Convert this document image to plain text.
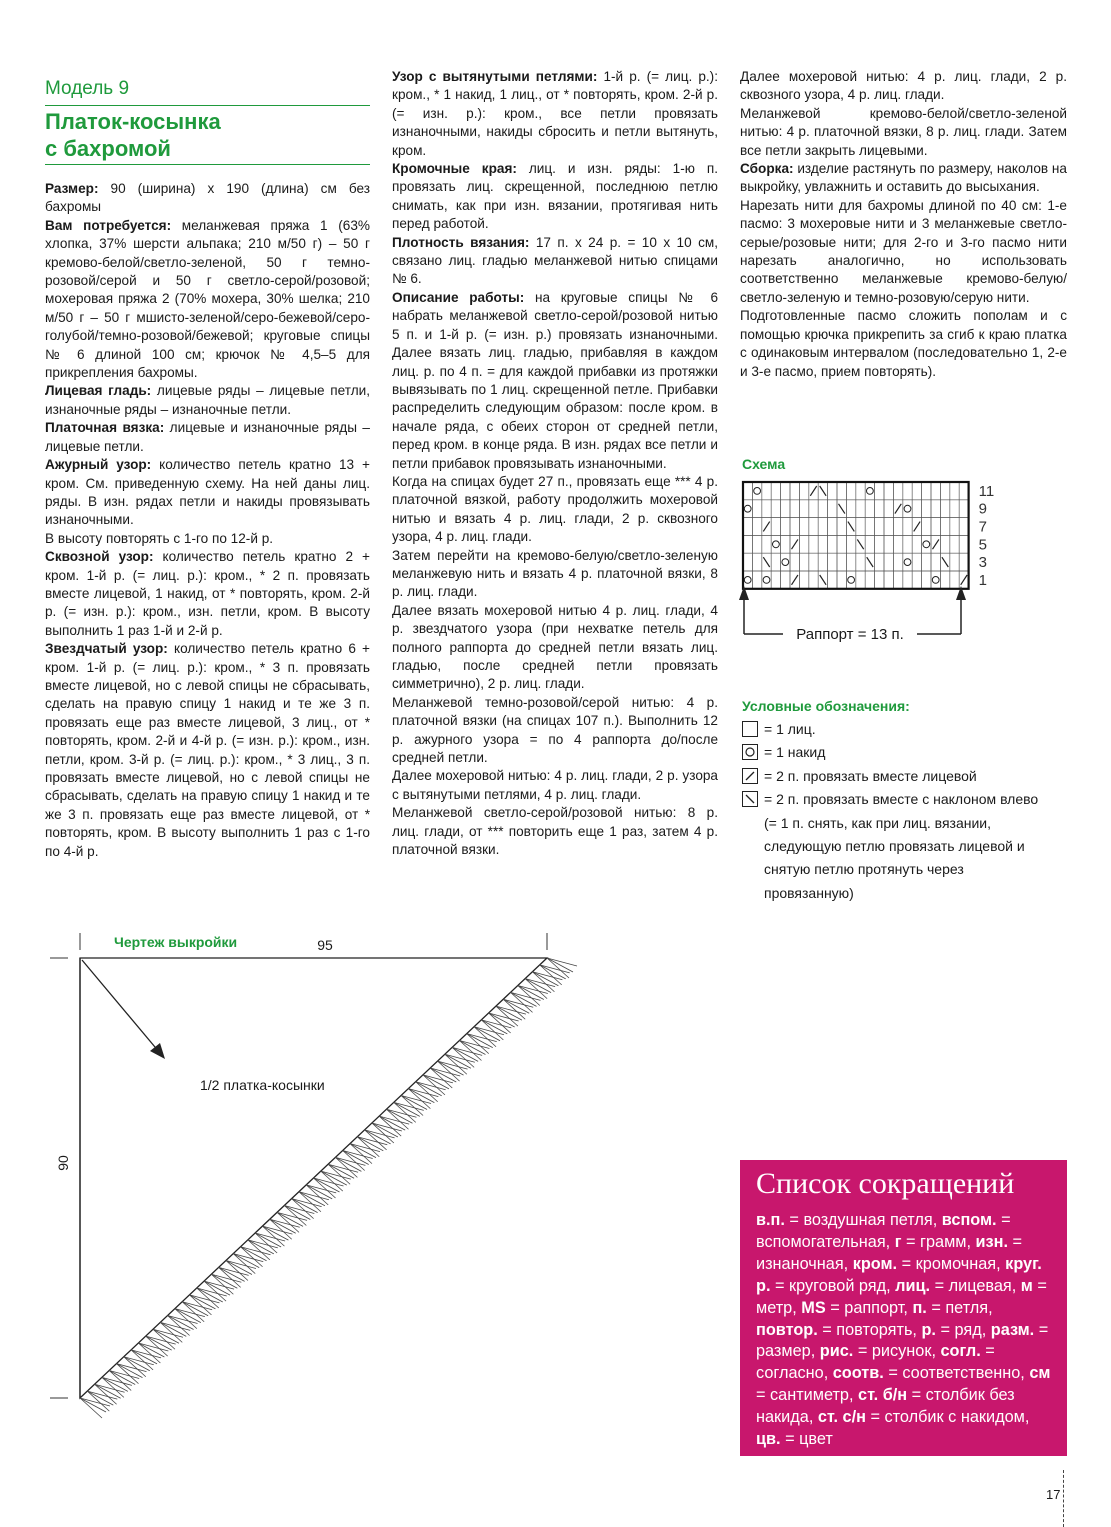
Модель 9
Платок-косынка
с бахромой

Размер: 90 (ширина) х 190 (длина) см без бахромы

Вам потребуется: меланжевая пряжа 1 (63% хлопка, 37% шерсти альпака; 210 м/50 г) – 50 г кремово-белой/светло-зеленой, 50 г темно-розовой/серой и 50 г светло-серой/розовой; мохеровая пряжа 2 (70% мохера, 30% шелка; 210 м/50 г – 50 г мшисто-зеленой/серо-бежевой/серо-голубой/темно-розовой/бежевой; круговые спицы № 6 длиной 100 см; крючок № 4,5–5 для прикрепления бахромы.

Лицевая гладь: лицевые ряды – лицевые петли, изнаночные ряды – изнаночные петли.

Платочная вязка: лицевые и изнаночные ряды – лицевые петли.

Ажурный узор: количество петель кратно 13 + кром. См. приведенную схему. На ней даны лиц. ряды. В изн. рядах петли и накиды провязывать изнаночными.

В высоту повторять с 1-го по 12-й р.

Сквозной узор: количество петель кратно 2 + кром. 1-й р. (= лиц. р.): кром., * 2 п. провязать вместе лицевой, 1 накид, от * повторять, кром. 2-й р. (= изн. р.): кром., изн. петли, кром. В высоту выполнить 1 раз 1-й и 2-й р.

Звездчатый узор: количество петель кратно 6 + кром. 1-й р. (= лиц. р.): кром., * 3 п. провязать вместе лицевой, но с левой спицы не сбрасывать, сделать на правую спицу 1 накид и те же 3 п. провязать еще раз вместе лицевой, 3 лиц., от * повторять, кром. 2-й и 4-й р. (= изн. р.): кром., изн. петли, кром. 3-й р. (= лиц. р.): кром., * 3 лиц., 3 п. провязать вместе лицевой, но с левой спицы не сбрасывать, сделать на правую спицу 1 накид и те же 3 п. провязать еще раз вместе лицевой, от * повторять, кром. В высоту выполнить 1 раз с 1-го по 4-й р.

Узор с вытянутыми петлями: 1-й р. (= лиц. р.): кром., * 1 накид, 1 лиц., от * повторять, кром. 2-й р. (= изн. р.): кром., все петли провязать изнаночными, накиды сбросить и петли вытянуть, кром.

Кромочные края: лиц. и изн. ряды: 1-ю п. провязать лиц. скрещенной, последнюю петлю снимать, как при изн. вязании, протягивая нить перед работой.

Плотность вязания: 17 п. х 24 р. = 10 х 10 см, связано лиц. гладью меланжевой нитью спицами № 6.

Описание работы: на круговые спицы № 6 набрать меланжевой светло-серой/розовой нитью 5 п. и 1-й р. (= изн. р.) провязать изнаночными. Далее вязать лиц. гладью, прибавляя в каждом лиц. р. по 4 п. = для каждой прибавки из протяжки вывязывать по 1 лиц. скрещенной петле. Прибавки распределить следующим образом: после кром. в начале ряда, с обеих сторон от средней петли, перед кром. в конце ряда. В изн. рядах все петли и петли прибавок провязывать изнаночными.

Когда на спицах будет 27 п., провязать еще *** 4 р. платочной вязкой, работу продолжить мохеровой нитью и вязать 4 р. лиц. глади, 2 р. сквозного узора, 4 р. лиц. глади.

Затем перейти на кремово-белую/светло-зеленую меланжевую нить и вязать 4 р. платочной вязки, 8 р. лиц. глади.

Далее вязать мохеровой нитью 4 р. лиц. глади, 4 р. звездчатого узора (при нехватке петель для полного раппорта до средней петли вязать лиц. гладью, после средней петли провязать симметрично), 2 р. лиц. глади.

Меланжевой темно-розовой/серой нитью: 4 р. платочной вязки (на спицах 107 п.). Выполнить 12 р. ажурного узора = по 4 раппорта до/после средней петли.

Далее мохеровой нитью: 4 р. лиц. глади, 2 р. узора с вытянутыми петлями, 4 р. лиц. глади.

Меланжевой светло-серой/розовой нитью: 8 р. лиц. глади, от *** повторить еще 1 раз, затем 4 р. платочной вязки.

Далее мохеровой нитью: 4 р. лиц. глади, 2 р. сквозного узора, 4 р. лиц. глади.

Меланжевой кремово-белой/светло-зеленой нитью: 4 р. платочной вязки, 8 р. лиц. глади. Затем все петли закрыть лицевыми.

Сборка: изделие растянуть по размеру, наколов на выкройку, увлажнить и оставить до высыхания.

Нарезать нити для бахромы длиной по 40 см: 1-е пасмо: 3 мохеровые нити и 3 меланжевые светло-серые/розовые нити; для 2-го и 3-го пасмо нити нарезать аналогично, но использовать соответственно меланжевые кремово-белую/светло-зеленую и темно-розовую/серую нити.

Подготовленные пасмо сложить пополам и с помощью крючка прикрепить за сгиб к краю платка с одинаковым интервалом (последовательно 1, 2-е и 3-е пасмо, прием повторять).

Схема
11
9
7
5
3
1
Раппорт = 13 п.
Условные обозначения:
= 1 лиц.
= 1 накид
= 2 п. провязать вместе лицевой
= 2 п. провязать вместе с наклоном влево (= 1 п. снять, как при лиц. вязании, следующую петлю провязать лицевой и снятую петлю протянуть через провязанную)
Чертеж выкройки	95
90
1/2 платка-косынки
Список сокращений
в.п. = воздушная петля, вспом. = вспомогательная, г = грамм, изн. = изнаночная, кром. = кромочная, круг. р. = круговой ряд, лиц. = лицевая, м = метр, MS = раппорт, п. = петля, повтор. = повторять, р. = ряд, разм. = размер, рис. = рисунок, согл. = согласно, соотв. = соответственно, см = сантиметр, ст. б/н = столбик без накида, ст. с/н = столбик с накидом, цв. = цвет
17
